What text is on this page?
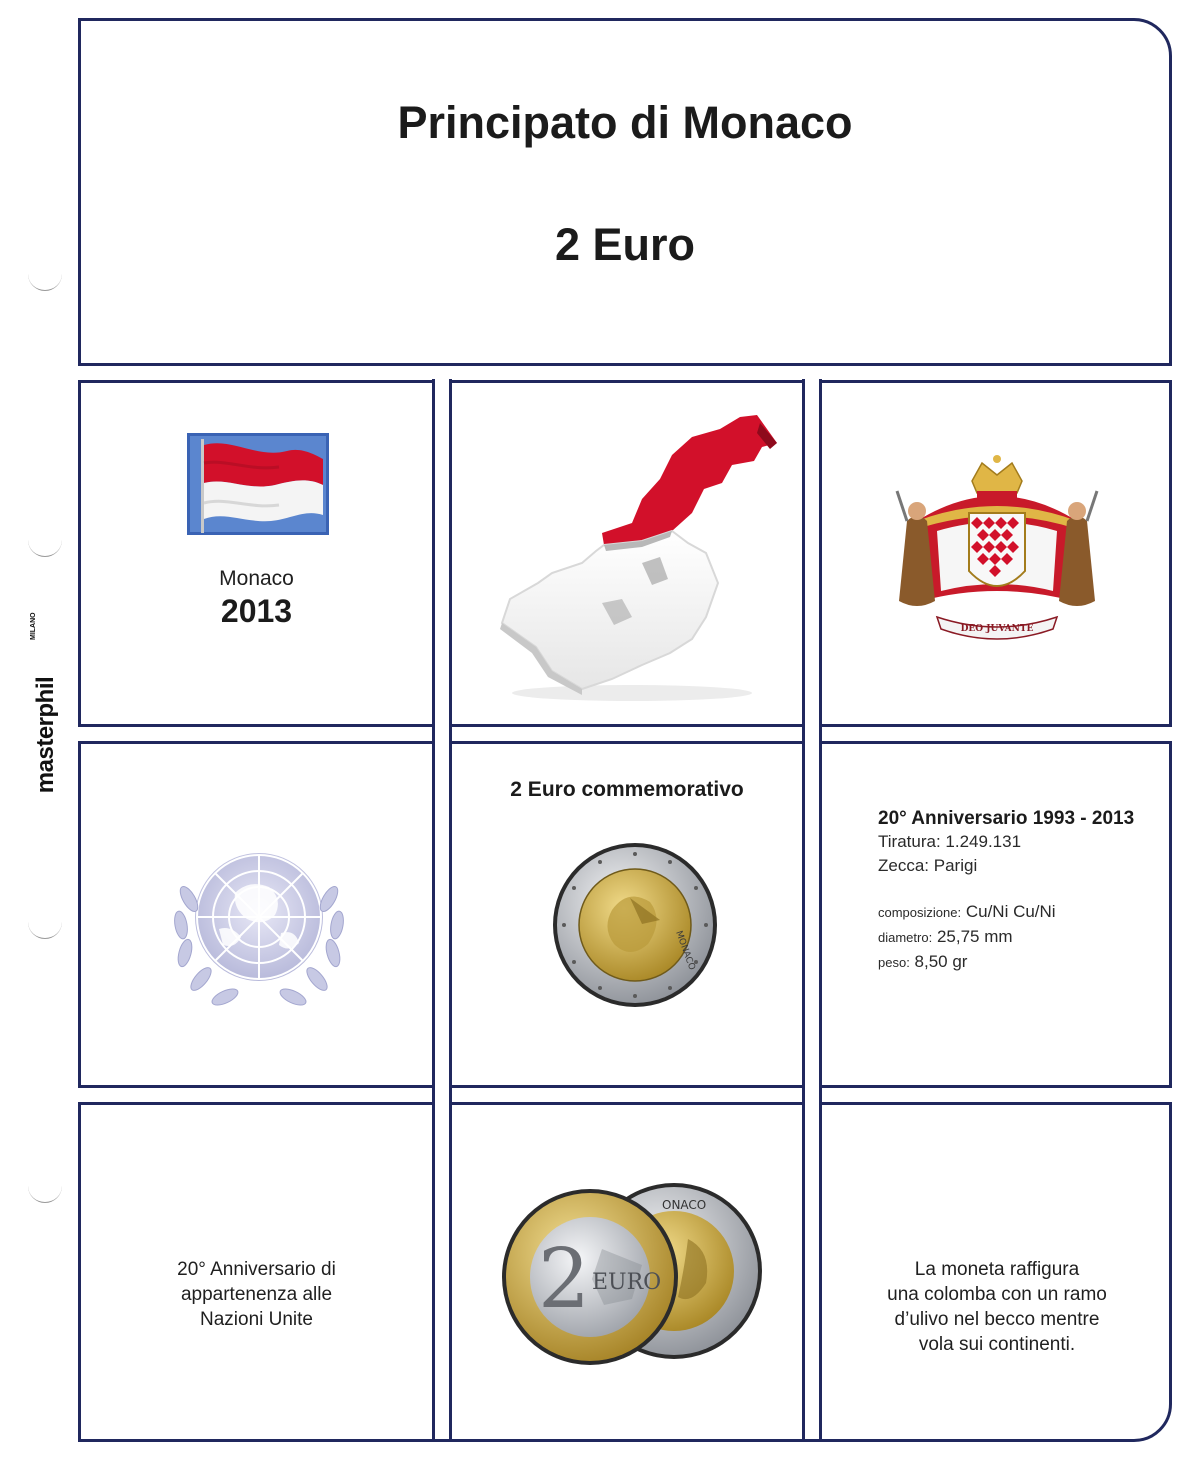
masterphil
MILANO
Principato di Monaco
2 Euro
Monaco
2013	DEO JUVANTE
2 Euro commemorativo
MONACO
20° Anniversario 1993 - 2013
Tiratura: 1.249.131
Zecca: Parigi
composizione: Cu/Ni Cu/Ni
diametro: 25,75 mm
peso: 8,50 gr
20° Anniversario di
appartenenza alle
Nazioni Unite
ONACO
2 EURO
La moneta raffigura
una colomba con un ramo
d’ulivo nel becco mentre
vola sui continenti.
